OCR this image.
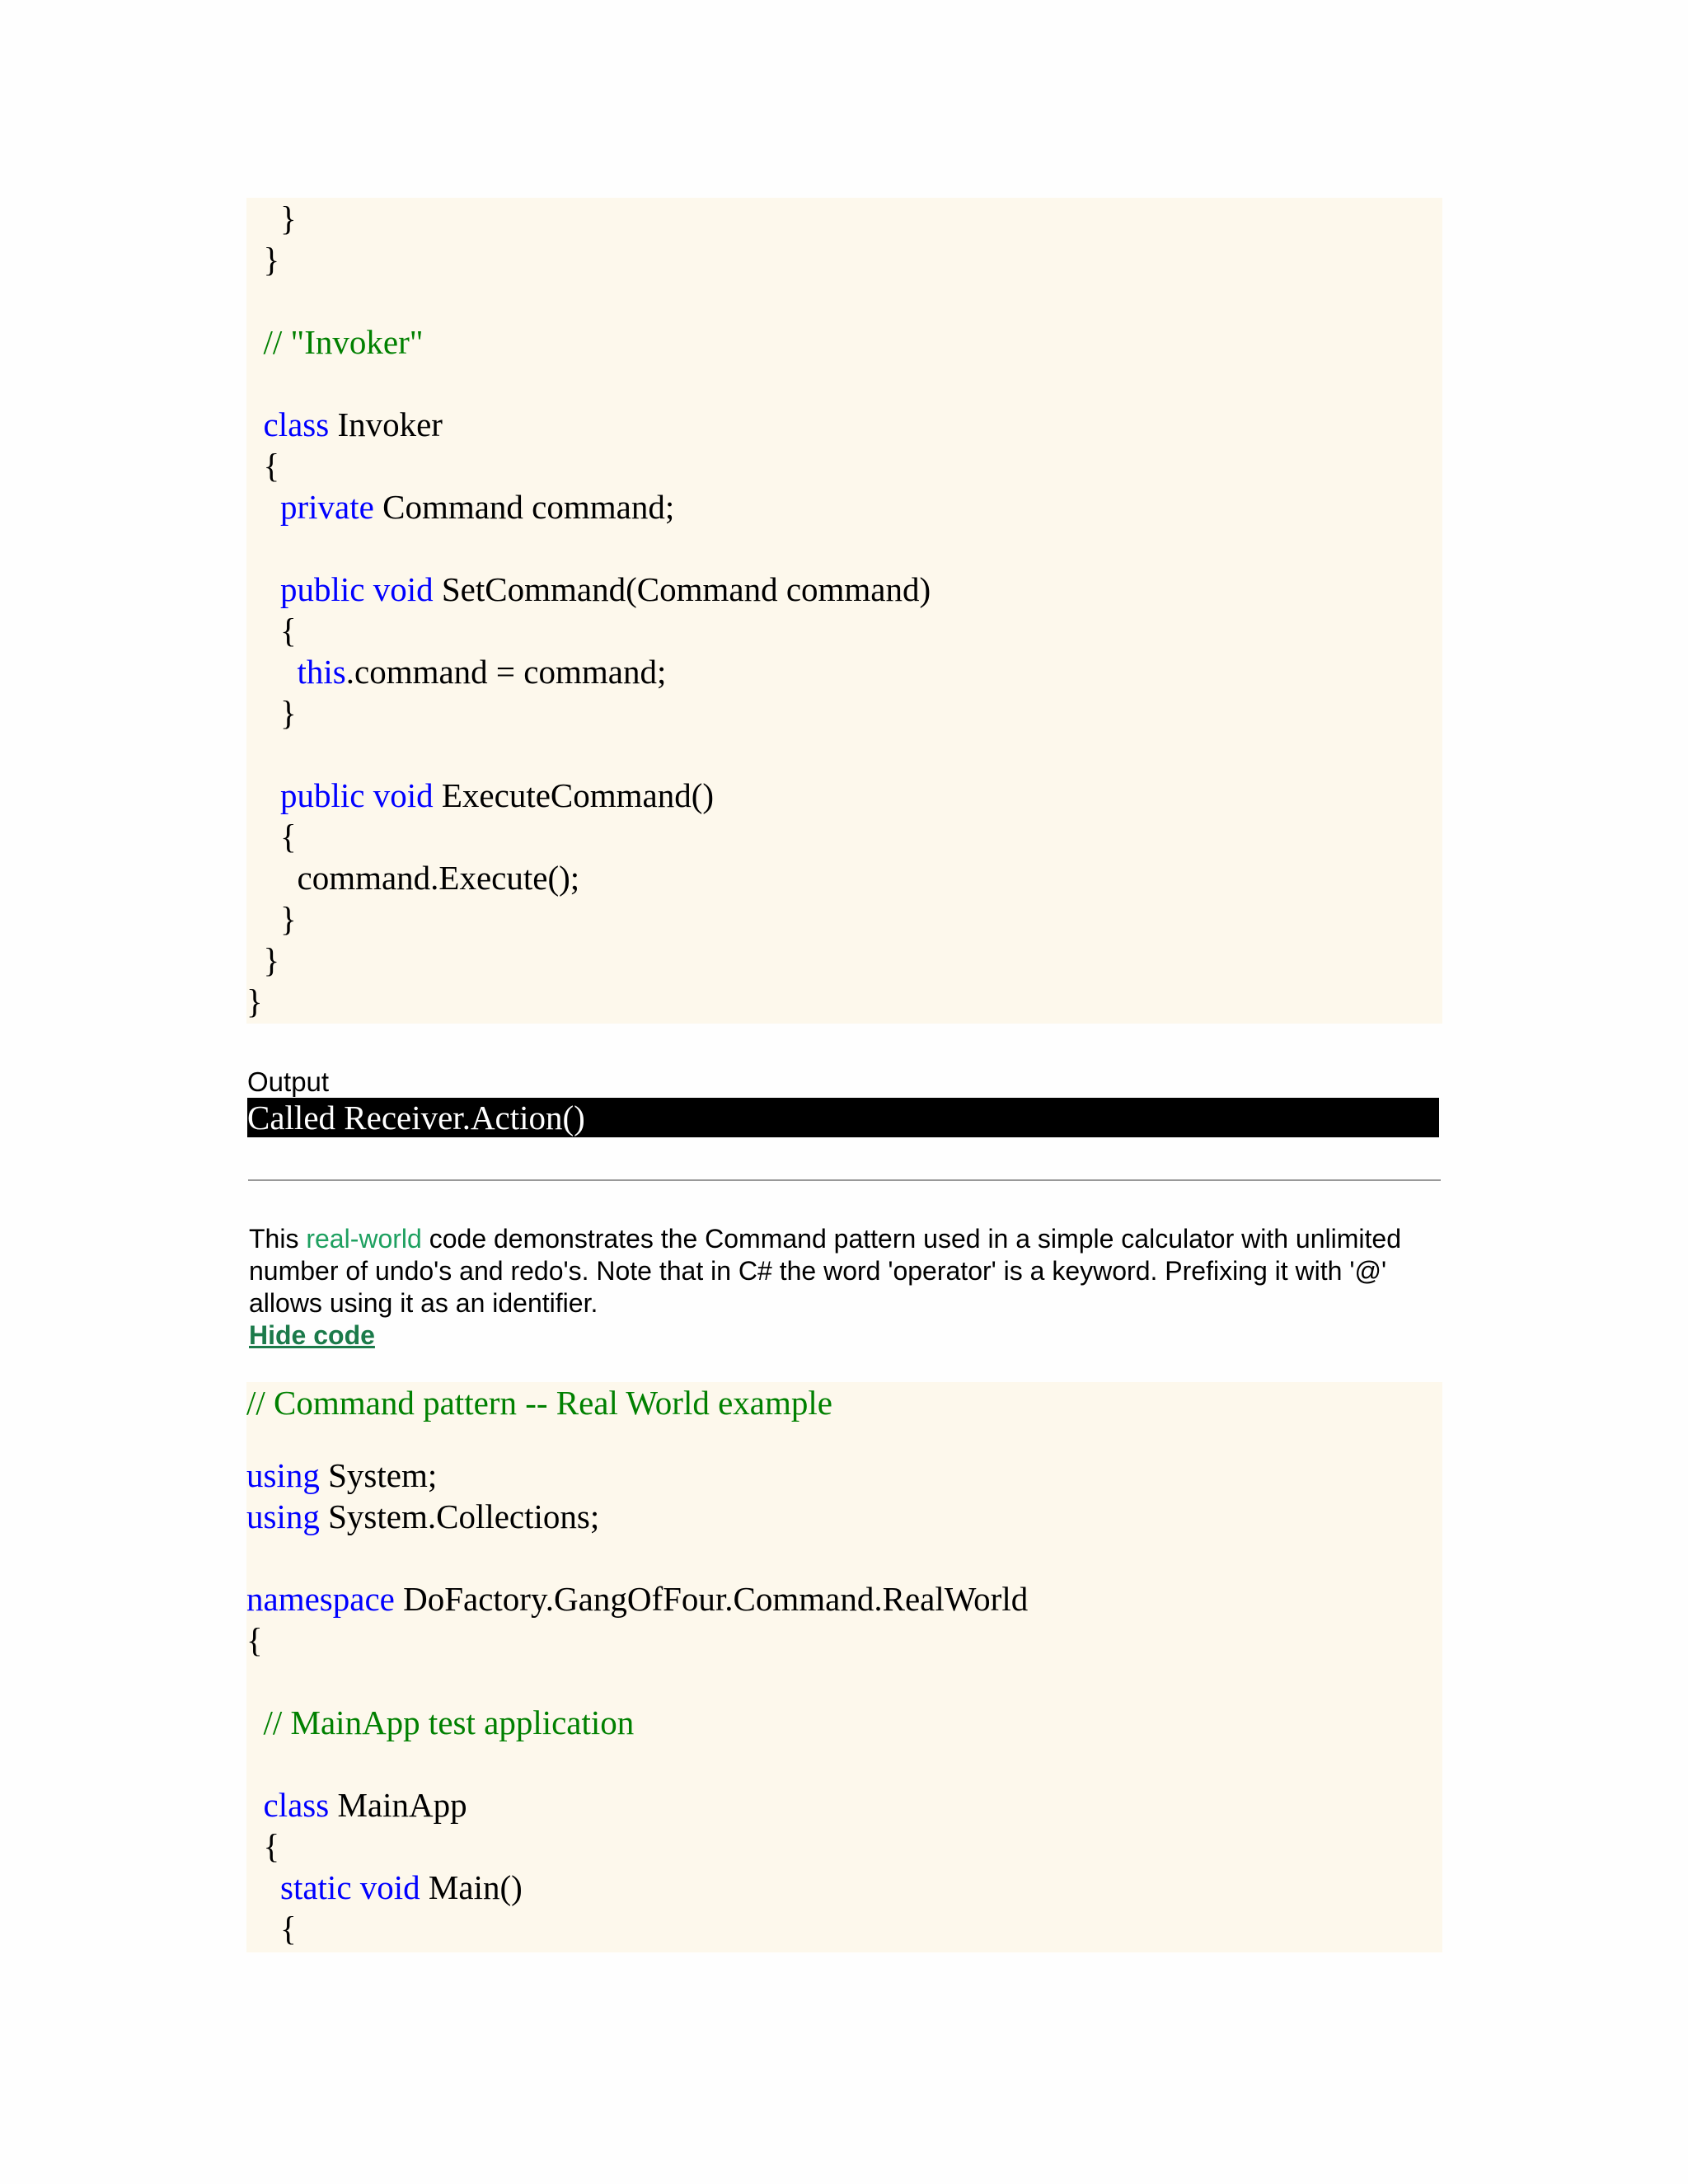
}
}
// "Invoker"
class Invoker
{
private Command command;
public void SetCommand(Command command)
{
this.command = command;
}
public void ExecuteCommand()
{
command.Execute();
}
}
}
Output
Called Receiver.Action()
This real-world code demonstrates the Command pattern used in a simple calculator with unlimited number of undo's and redo's. Note that in C# the word 'operator' is a keyword. Prefixing it with '@' allows using it as an identifier.
Hide code
// Command pattern -- Real World example
using System;
using System.Collections;
namespace DoFactory.GangOfFour.Command.RealWorld
{
// MainApp test application
class MainApp
{
static void Main()
{
